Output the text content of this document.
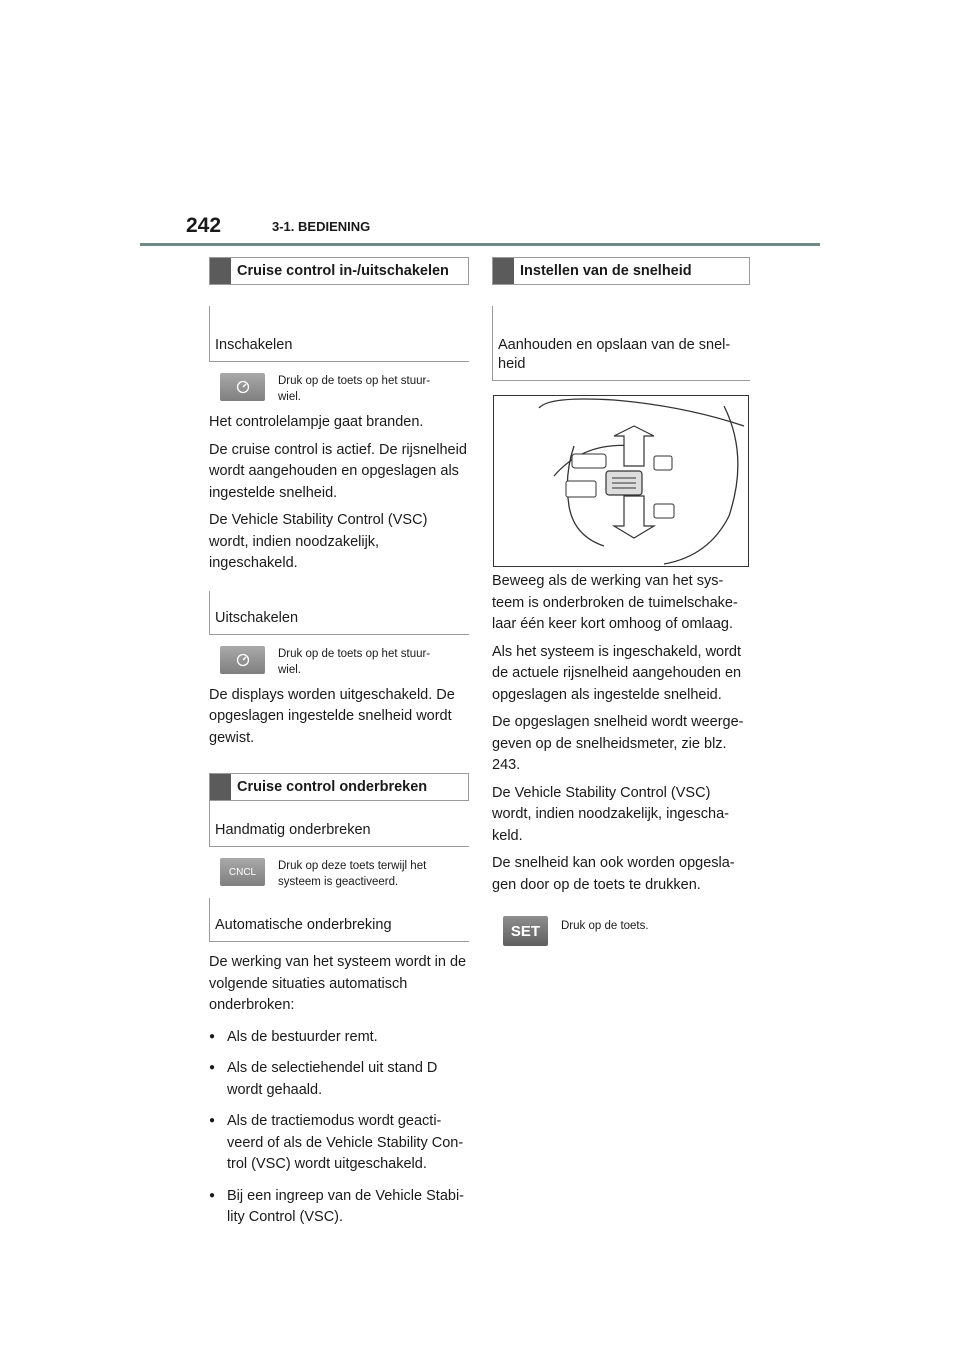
242	3-1. BEDIENING
Cruise control in-/uitschakelen
Inschakelen
Druk op de toets op het stuur-
wiel.

Het controlelampje gaat branden.

De cruise control is actief. De rijsnelheid wordt aangehouden en opgeslagen als ingestelde snelheid.

De Vehicle Stability Control (VSC) wordt, indien noodzakelijk, ingeschakeld.

Uitschakelen
Druk op de toets op het stuur-
wiel.

De displays worden uitgeschakeld. De opgeslagen ingestelde snelheid wordt gewist.

Cruise control onderbreken
Handmatig onderbreken
CNCL	Druk op deze toets terwijl het systeem is geactiveerd.
Automatische onderbreking

De werking van het systeem wordt in de volgende situaties automatisch onderbroken:

● Als de bestuurder remt.

● Als de selectiehendel uit stand D wordt gehaald.

● Als de tractiemodus wordt geacti-veerd of als de Vehicle Stability Con-trol (VSC) wordt uitgeschakeld.

● Bij een ingreep van de Vehicle Stabi-lity Control (VSC).

Instellen van de snelheid
Aanhouden en opslaan van de snel-heid

Beweeg als de werking van het sys-teem is onderbroken de tuimelschake-laar één keer kort omhoog of omlaag.

Als het systeem is ingeschakeld, wordt de actuele rijsnelheid aangehouden en opgeslagen als ingestelde snelheid.

De opgeslagen snelheid wordt weerge-geven op de snelheidsmeter, zie blz. 243.

De Vehicle Stability Control (VSC) wordt, indien noodzakelijk, ingescha-keld.

De snelheid kan ook worden opgesla-gen door op de toets te drukken.

SET	Druk op de toets.
